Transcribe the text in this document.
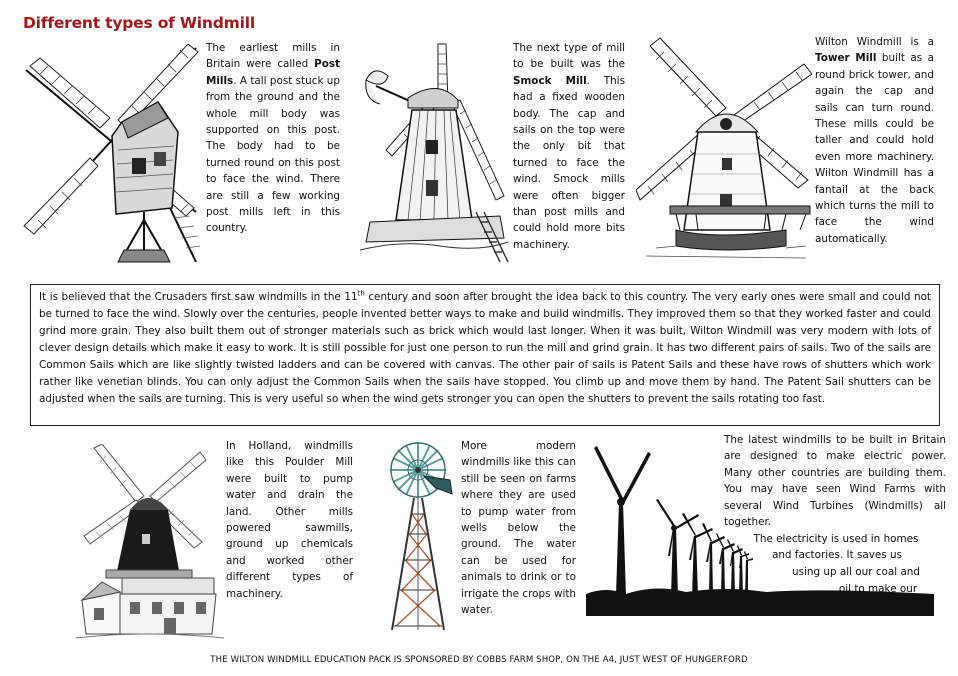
Different types of Windmill
The earliest mills in Britain were called Post Mills. A tall post stuck up from the ground and the whole mill body was supported on this post. The body had to be turned round on this post to face the wind. There are still a few working post mills left in this country.
The next type of mill to be built was the Smock Mill. This had a fixed wooden body. The cap and sails on the top were the only bit that turned to face the wind. Smock mills were often bigger than post mills and could hold more bits machinery.
Wilton Windmill is a Tower Mill built as a round brick tower, and again the cap and sails can turn round. These mills could be taller and could hold even more machinery. Wilton Windmill has a fantail at the back which turns the mill to face the wind automatically.
It is believed that the Crusaders first saw windmills in the 11th century and soon after brought the idea back to this country. The very early ones were small and could not be turned to face the wind. Slowly over the centuries, people invented better ways to make and build windmills. They improved them so that they worked faster and could grind more grain. They also built them out of stronger materials such as brick which would last longer. When it was built, Wilton Windmill was very modern with lots of clever design details which make it easy to work. It is still possible for just one person to run the mill and grind grain. It has two different pairs of sails. Two of the sails are Common Sails which are like slightly twisted ladders and can be covered with canvas. The other pair of sails is Patent Sails and these have rows of shutters which work rather like venetian blinds. You can only adjust the Common Sails when the sails have stopped. You climb up and move them by hand. The Patent Sail shutters can be adjusted when the sails are turning. This is very useful so when the wind gets stronger you can open the shutters to prevent the sails rotating too fast.
In Holland, windmills like this Poulder Mill were built to pump water and drain the land. Other mills powered sawmills, ground up chemicals and worked other different types of machinery.
More modern windmills like this can still be seen on farms where they are used to pump water from wells below the ground. The water can be used for animals to drink or to irrigate the crops with water.
The latest windmills to be built in Britain are designed to make electric power. Many other countries are building them. You may have seen Wind Farms with several Wind Turbines (Windmills) all together.
The electricity is used in homes
and factories. It saves us
using up all our coal and
oil to make our
electricity.
THE WILTON WINDMILL EDUCATION PACK IS SPONSORED BY COBBS FARM SHOP, ON THE A4, JUST WEST OF HUNGERFORD
